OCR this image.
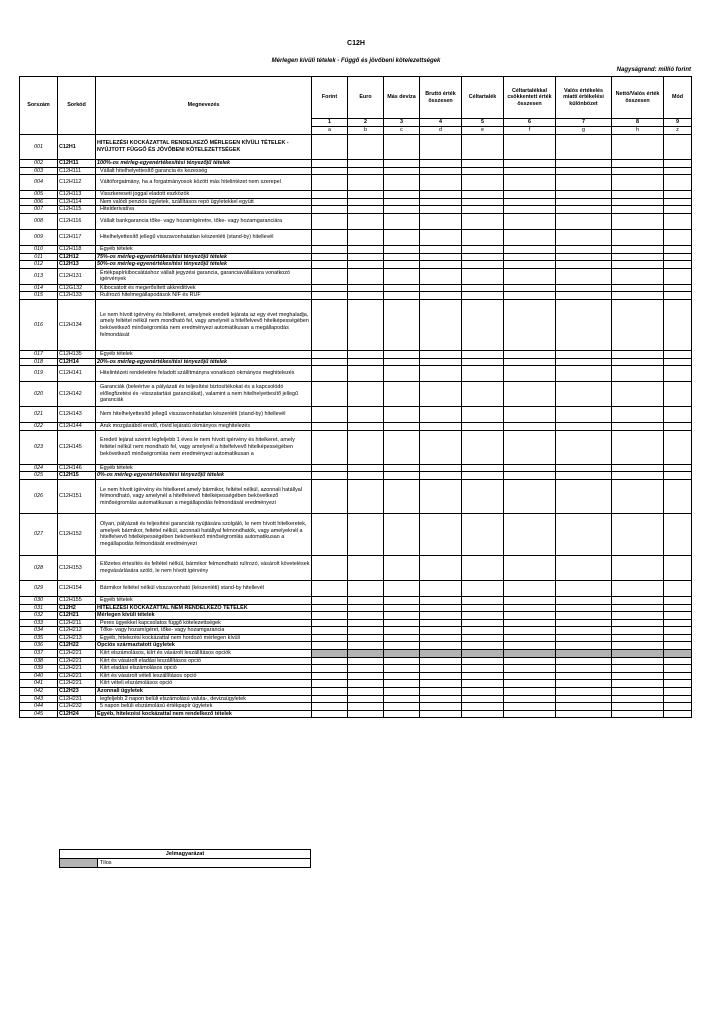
C12H
Mérlegen kívüli tételek - Függő és jövőbeni kötelezettségek
Nagyságrend: millió forint
Sorszám	Sorkód	Megnevezés	Forint	Euro	Más deviza	Bruttó érték összesen	Céltartalék	Céltartalékkal csökkentett érték összesen	Valós értékelés miatti értékelési különbözet	Nettó/Valós érték összesen	Mód
			1	2	3	4	5	6	7	8	9
			a	b	c	d	e	f	g	h	z
001	C12H1	HITELEZÉSI KOCKÁZATTAL RENDELKEZŐ MÉRLEGEN KÍVÜLI TÉTELEK - NYÚJTOTT FÜGGŐ ÉS JÖVŐBENI KÖTELEZETTSÉGEK									
002	C12H11	100%-os mérleg-egyenértékesítési tényezőjű tételek									
003	C12H111	Vállalt hitelhelyettesítő garancia és kezesség									
004	C12H112	Váltóforgatmány, ha a forgatmányosok között más hitelintézet nem szerepel									
005	C12H113	Visszkereseti joggal eladott eszközök									
006	C12H114	Nem valódi penziós ügyletek, szállításos repó ügyletekkel együtt									
007	C12H115	Hitelderivatíva									
008	C12H116	Vállalt bankgarancia tőke- vagy hozamígéretre, tőke- vagy hozamgaranciára									
009	C12H117	Hitelhelyettesítő jellegű visszavonhatatlan készenléti (stand-by) hitellevél									
010	C12H118	Egyéb tételek									
011	C12H12	75%-os mérleg-egyenértékesítési tényezőjű tételek									
012	C12H13	50%-os mérleg-egyenértékesítési tényezőjű tételek									
013	C12H131	Értékpapírkibocsátáshoz vállalt jegyzési garancia, garanciavállalásra vonatkozó igérvények									
014	C12G132	Kibocsátott és megerősített akkreditívek									
015	C12H133	Rulírozó hitelmegállapodások NIF és RUF									
016	C12H134	Le nem hívott igérvény és hitelkeret, amelynek eredeti lejárata az egy évet meghaladja, amely feltétel nélkül nem mondható fel, vagy amelynél a hitelfelvevő hitelképességében bekövetkező minőségromlás nem eredményezi automatikusan a megállapodás felmondását									
017	C12H135	Egyéb tételek									
018	C12H14	20%-os mérleg-egyenértékesítési tényezőjű tételek									
019	C12H141	Hitelintézeti rendeletére feladott szállítmányra vonatkozó okmányos meghitelezés									
020	C12H142	Garanciák (beleértve a pályázati és teljesítési biztosítékokat és a kapcsolódó előlegfizetési és -visszatartási garanciákat), valamint a nem hitelhelyettesítő jellegű garanciák									
021	C12H143	Nem hitelhelyettesítő jellegű visszavonhatatlan készenléti (stand-by) hitellevél									
022	C12H144	Áruk mozgásából eredő, rövid lejáratú okmányos meghitelezés									
023	C12H145	Eredeti lejárat szerint legfeljebb 1 éves le nem hívott igérvény és hitelkeret, amely feltétel nélkül nem mondható fel, vagy amelynél a hitelfelvevő hitelképességében bekövetkező minőségromlás nem eredményezi automatikusan a									
024	C12H146	Egyéb tételek									
025	C12H15	0%-os mérleg-egyenértékesítési tényezőjű tételek									
026	C12H151	Le nem hívott igérvény és hitelkeret amely bármikor, feltétel nélkül, azonnali hatállyal felmondható, vagy amelynél a hitelfelvevő hitelképességében bekövetkező minőségromlás automatikusan a megállapodás felmondását eredményezi									
027	C12H152	Olyan, pályázati és teljesítési garanciák nyújtására szolgáló, le nem hívott hitelkeretek, amelyek bármikor, feltétel nélkül, azonnali hatállyal felmondhatók, vagy amelyeknél a hitelfelvevő hitelképességében bekövetkező minőségromlás automatikusan a megállapodás felmondását eredményezi									
028	C12H153	Előzetes értesítés és feltétel nélkül, bármikor felmondható rulírozó, vásárolt követelések megvásárlására szóló, le nem hívott igérvény									
029	C12H154	Bármikor feltétel nélkül visszavonható (készenléti) stand-by hitellevél									
030	C12H155	Egyéb tételek									
031	C12H2	HITELEZÉSI KOCKÁZATTAL NEM RENDELKEZŐ TÉTELEK									
032	C12H21	Mérlegen kívüli tételek									
033	C12H211	Peres ügyekkel kapcsolatos függő kötelezettségek									
034	C12H212	Tőke- vagy hozamígéret, tőke- vagy hozamgarancia									
035	C12H213	Egyéb, hitelezési kockázattal nem hordozó mérlegen kívüli									
036	C12H22	Opciós származtatott ügyletek									
037	C12H221	Kiírt elszámolásos, kiírt és vásárolt leszállításos opciók									
038	C12H221	Kiírt és vásárolt eladási leszállításos opció									
039	C12H221	Kiírt eladási elszámolásos opció									
040	C12H221	Kiírt és vásárolt vételi leszállításos opció									
041	C12H221	Kiírt vételi elszámolásos opció									
042	C12H23	Azonnali ügyletek									
043	C12H231	legfeljebb 2 napon belüli elszámolású valuta-, devizaügyletek									
044	C12H232	5 napon belüli elszámolású értékpapír ügyletek									
045	C12H24	Egyéb, hitelezési kockázattal nem rendelkező tételek									
Jelmagyarázat
	Tilos
